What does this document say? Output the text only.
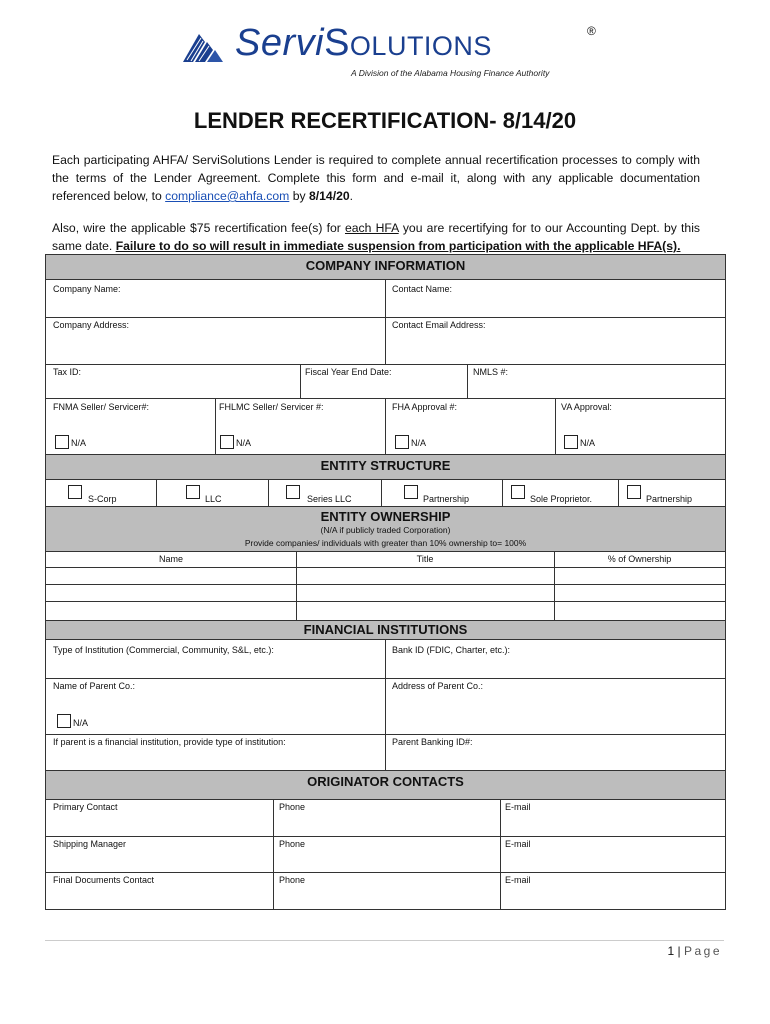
ServiSolutions	®
A Division of the Alabama Housing Finance Authority
LENDER RECERTIFICATION- 8/14/20
Each participating AHFA/ ServiSolutions Lender is required to complete annual recertification processes to comply with the terms of the Lender Agreement. Complete this form and e-mail it, along with any applicable documentation referenced below, to compliance@ahfa.com by 8/14/20.
Also, wire the applicable $75 recertification fee(s) for each HFA you are recertifying for to our Accounting Dept. by this same date. Failure to do so will result in immediate suspension from participation with the applicable HFA(s).
COMPANY INFORMATION
Company Name:	Contact Name:
Company Address:	Contact Email Address:
Tax ID:	Fiscal Year End Date:	NMLS #:
FNMA Seller/ Servicer#:	FHLMC Seller/ Servicer #:	FHA Approval #:	VA Approval:
N/A	N/A	N/A	N/A
ENTITY STRUCTURE
S-Corp	LLC	Series LLC	Partnership	Sole Proprietor.	Partnership
ENTITY OWNERSHIP
(N/A if publicly traded Corporation)
Provide companies/ individuals with greater than 10% ownership to= 100%
Name	Title	% of Ownership
FINANCIAL INSTITUTIONS
Type of Institution (Commercial, Community, S&L, etc.):	Bank ID (FDIC, Charter, etc.):
Name of Parent Co.:	Address of Parent Co.:
N/A
If parent is a financial institution, provide type of institution:	Parent Banking ID#:
ORIGINATOR CONTACTS
Primary Contact	Phone	E-mail
Shipping Manager	Phone	E-mail
Final Documents Contact	Phone	E-mail
1 | Page
